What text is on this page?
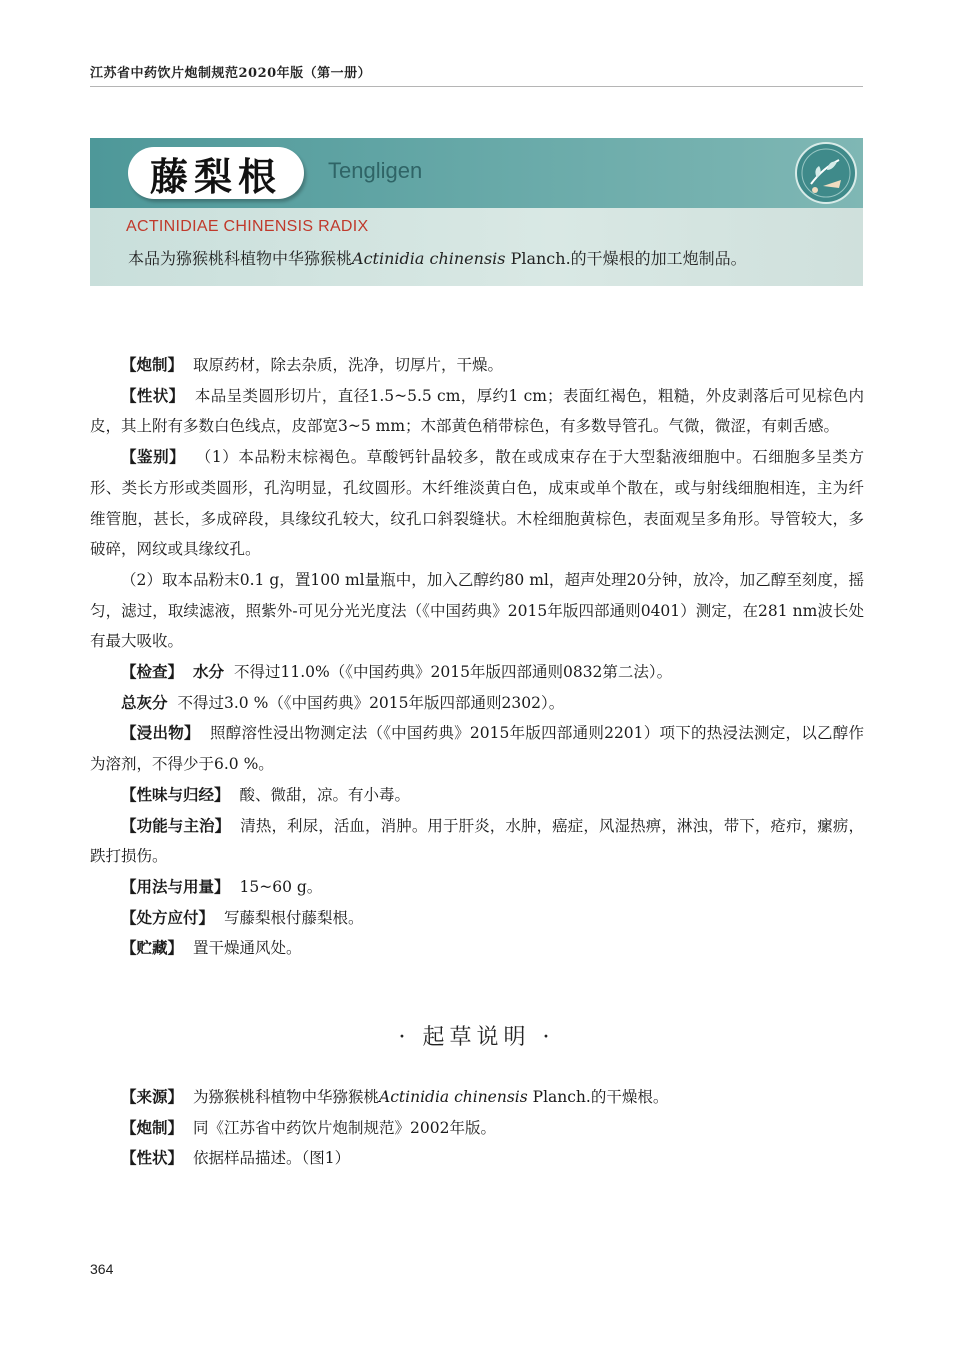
江苏省中药饮片炮制规范2020年版（第一册）
藤梨根 Tengligen
ACTINIDIAE CHINENSIS RADIX
本品为猕猴桃科植物中华猕猴桃Actinidia chinensis Planch.的干燥根的加工炮制品。

【炮制】 取原药材，除去杂质，洗净，切厚片，干燥。

【性状】 本品呈类圆形切片，直径1.5~5.5 cm，厚约1 cm；表面红褐色，粗糙，外皮剥落后可见棕色内皮，其上附有多数白色线点，皮部宽3~5 mm；木部黄色稍带棕色，有多数导管孔。气微，微涩，有刺舌感。

【鉴别】 （1）本品粉末棕褐色。草酸钙针晶较多，散在或成束存在于大型黏液细胞中。石细胞多呈类方形、类长方形或类圆形，孔沟明显，孔纹圆形。木纤维淡黄白色，成束或单个散在，或与射线细胞相连，主为纤维管胞，甚长，多成碎段，具缘纹孔较大，纹孔口斜裂缝状。木栓细胞黄棕色，表面观呈多角形。导管较大，多破碎，网纹或具缘纹孔。

（2）取本品粉末0.1 g，置100 ml量瓶中，加入乙醇约80 ml，超声处理20分钟，放冷，加乙醇至刻度，摇匀，滤过，取续滤液，照紫外-可见分光光度法（《中国药典》2015年版四部通则0401）测定，在281 nm波长处有最大吸收。

【检查】 水分 不得过11.0%（《中国药典》2015年版四部通则0832第二法）。

总灰分 不得过3.0 %（《中国药典》2015年版四部通则2302）。

【浸出物】 照醇溶性浸出物测定法（《中国药典》2015年版四部通则2201）项下的热浸法测定，以乙醇作为溶剂，不得少于6.0 %。

【性味与归经】 酸、微甜，凉。有小毒。

【功能与主治】 清热，利尿，活血，消肿。用于肝炎，水肿，癌症，风湿热痹，淋浊，带下，疮疖，瘰疬，跌打损伤。

【用法与用量】 15~60 g。

【处方应付】 写藤梨根付藤梨根。

【贮藏】 置干燥通风处。

· 起草说明 ·

【来源】 为猕猴桃科植物中华猕猴桃Actinidia chinensis Planch.的干燥根。

【炮制】 同《江苏省中药饮片炮制规范》2002年版。

【性状】 依据样品描述。（图1）

364
